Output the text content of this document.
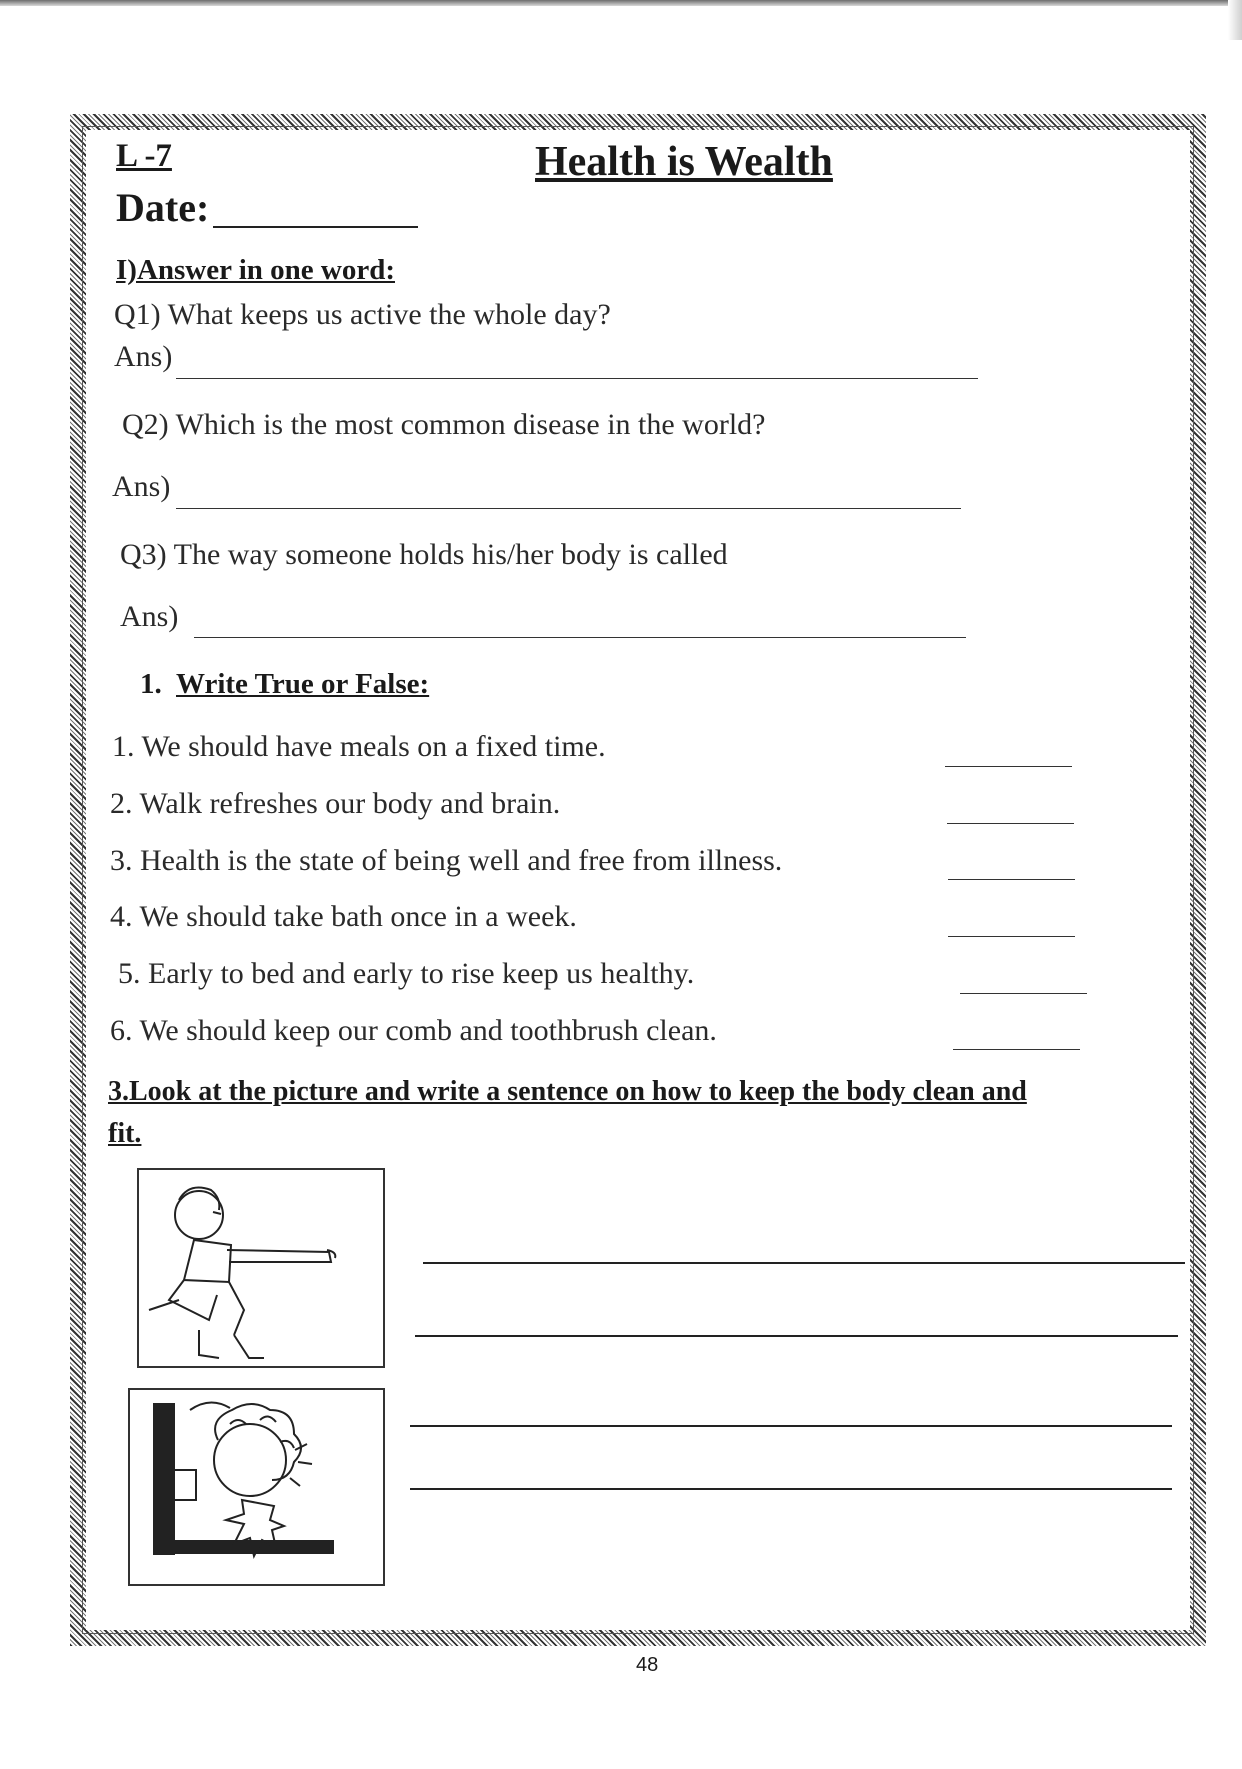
L -7	Health is Wealth
Date:
I)Answer in one word:
Q1) What keeps us active the whole day?
Ans)
Q2) Which is the most common disease in the world?
Ans)
Q3) The way someone holds his/her body is called
Ans)
1. Write True or False:
1. We should have meals on a fixed time.
2. Walk refreshes our body and brain.
3. Health is the state of being well and free from illness.
4. We should take bath once in a week.
5. Early to bed and early to rise keep us healthy.
6. We should keep our comb and toothbrush clean.
3.Look at the picture and write a sentence on how to keep the body clean and
fit.
48
